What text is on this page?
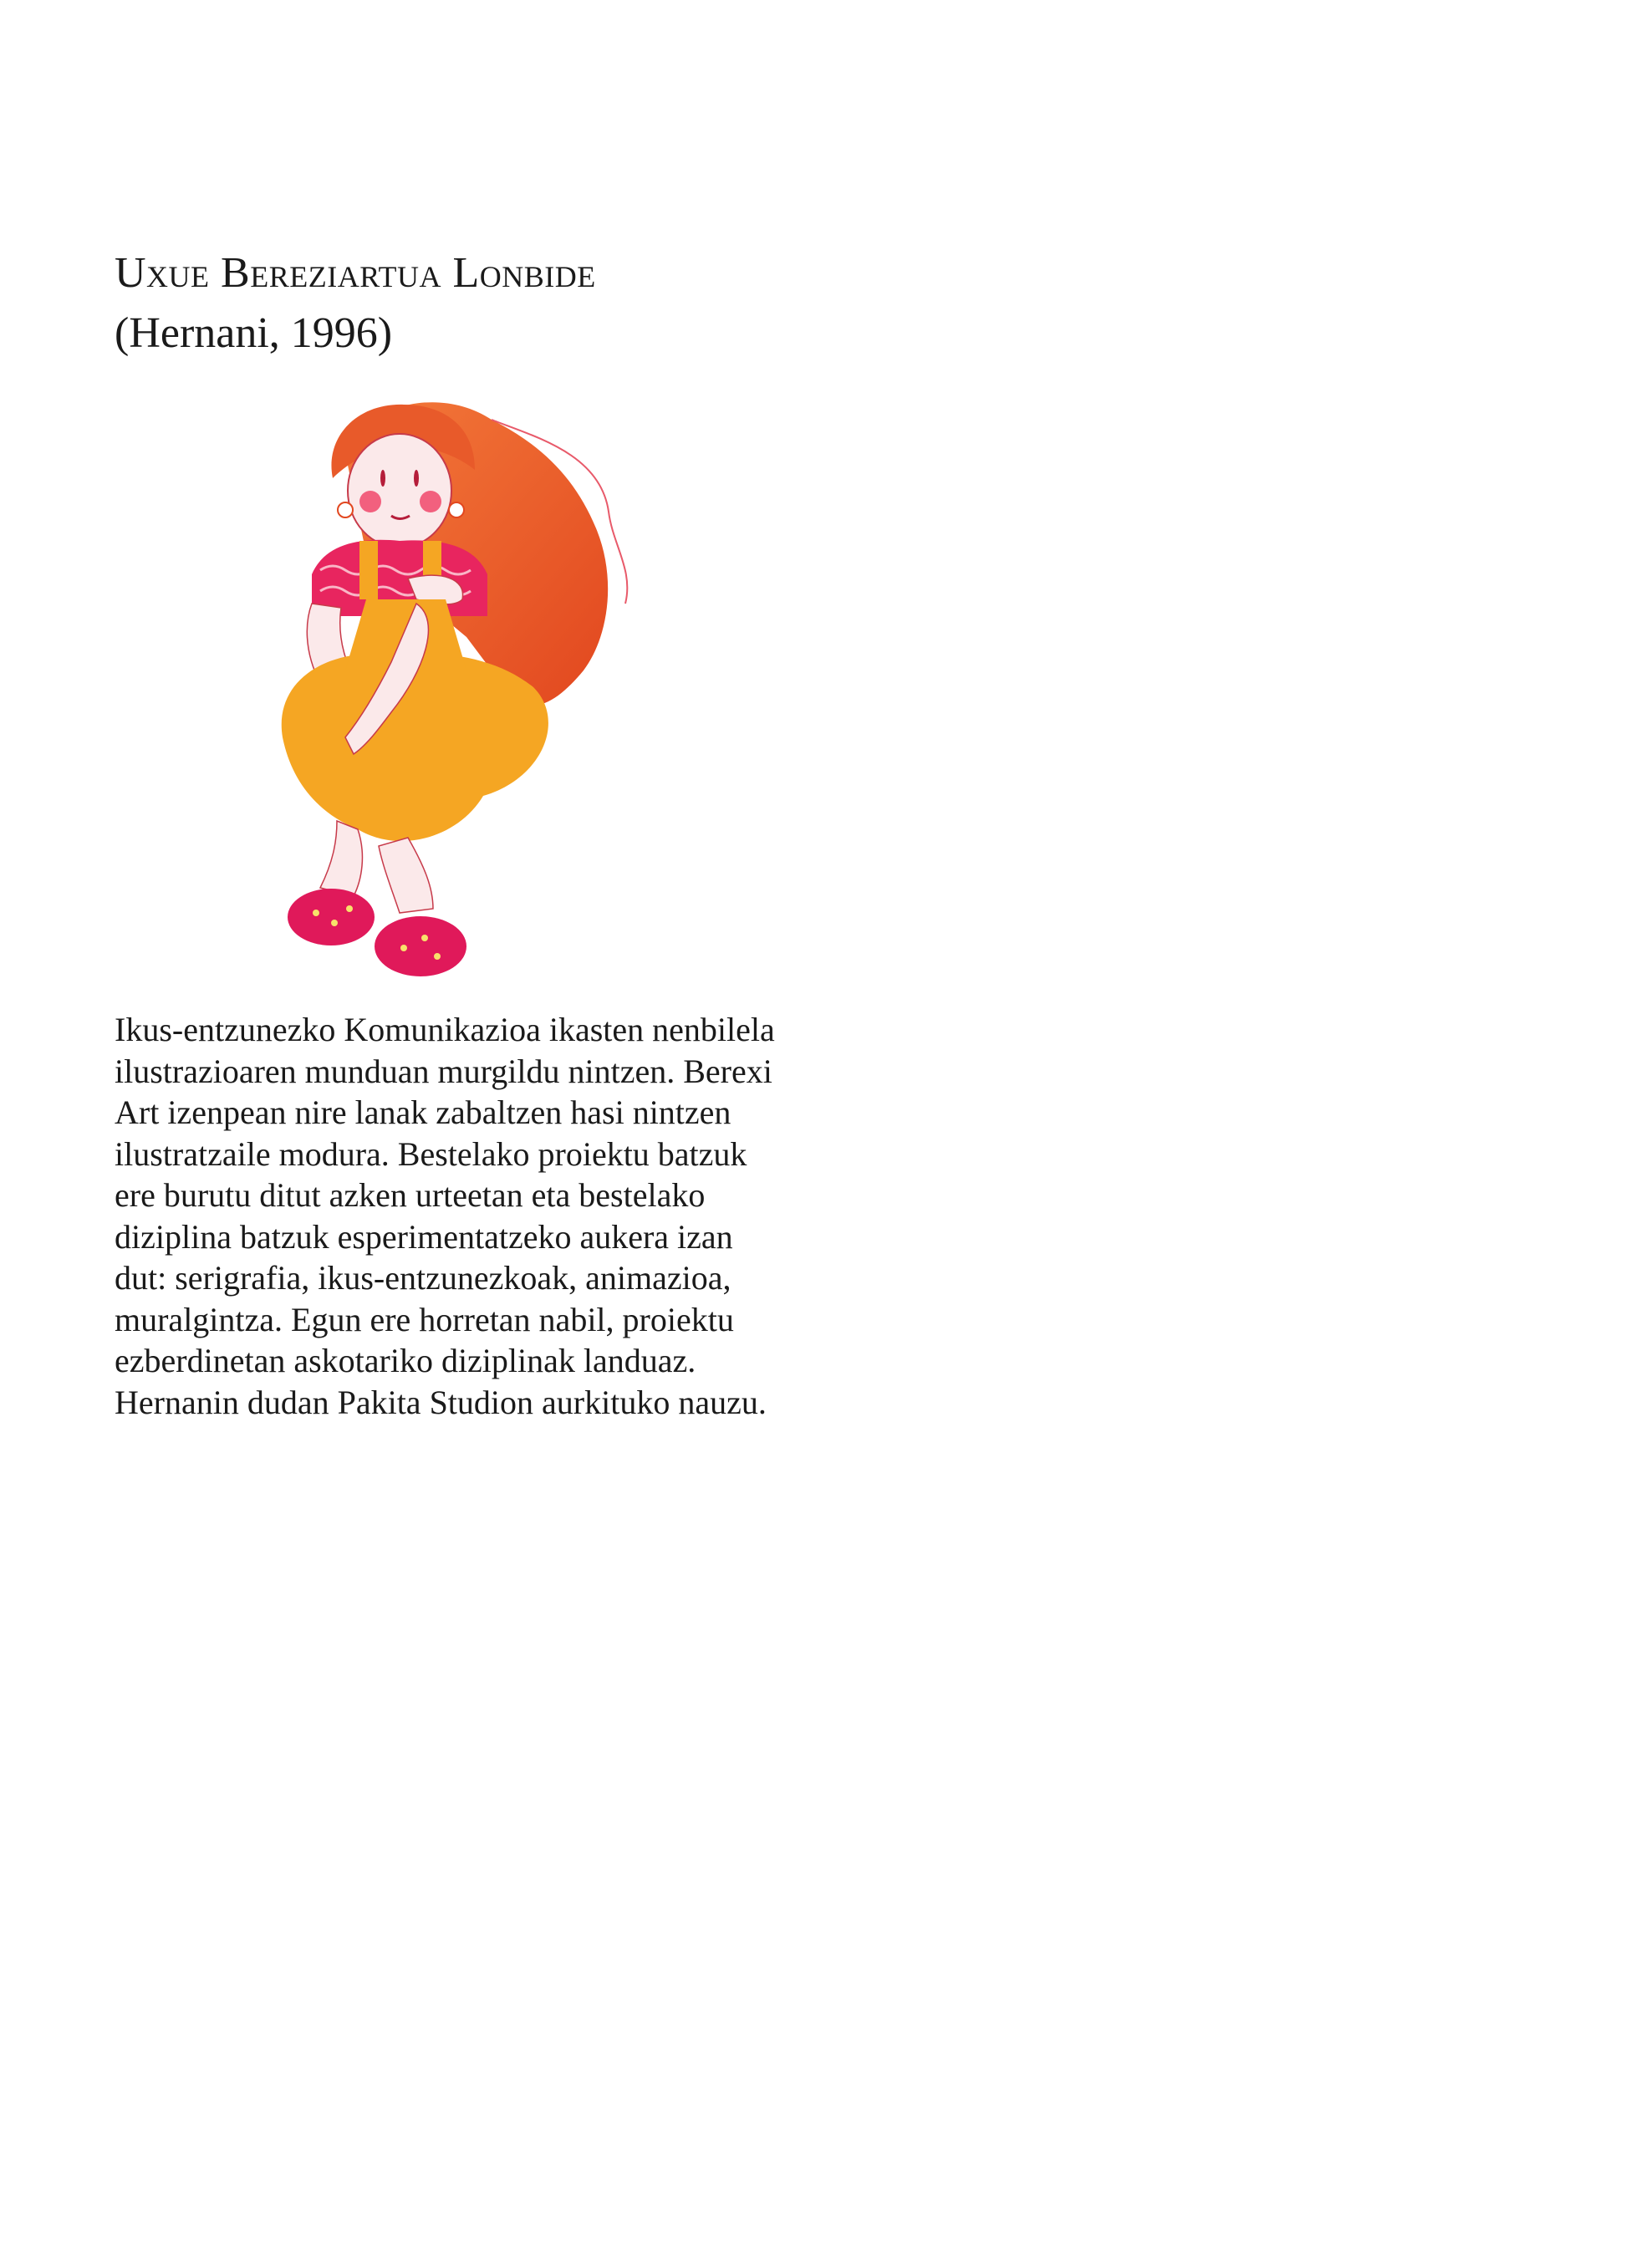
Uxue Bereziartua Lonbide

(Hernani, 1996)

Ikus-entzunezko Komunikazioa ikasten nenbilela
ilustrazioaren munduan murgildu nintzen. Berexi
Art izenpean nire lanak zabaltzen hasi nintzen
ilustratzaile modura. Bestelako proiektu batzuk
ere burutu ditut azken urteetan eta bestelako
diziplina batzuk esperimentatzeko aukera izan
dut: serigrafia, ikus-entzunezkoak, animazioa,
muralgintza. Egun ere horretan nabil, proiektu
ezberdinetan askotariko diziplinak landuaz.
Hernanin dudan Pakita Studion aurkituko nauzu.
